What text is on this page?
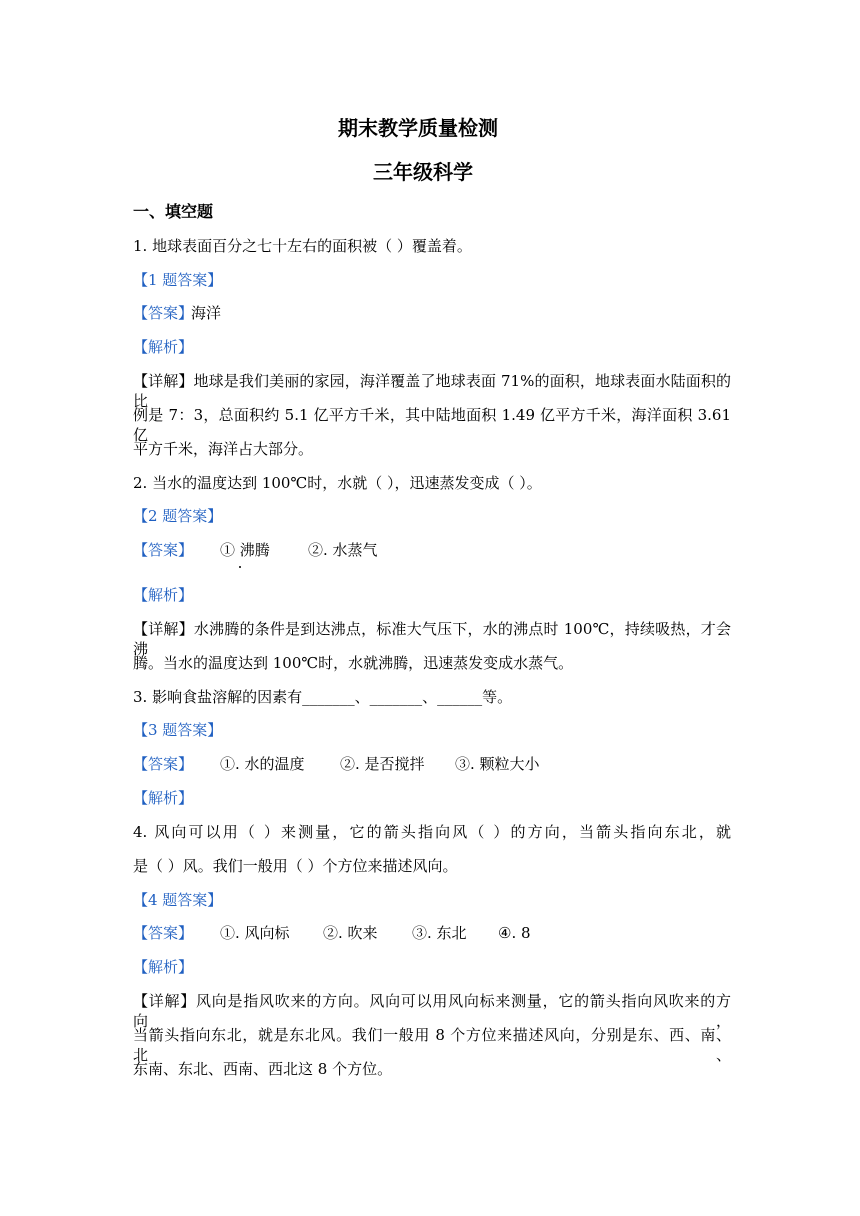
期末教学质量检测
三年级科学
一、填空题
1. 地球表面百分之七十左右的面积被（ ）覆盖着。
【1 题答案】
【答案】
海洋
【解析】
【详解】地球是我们美丽的家园，海洋覆盖了地球表面 71%的面积，地球表面水陆面积的比
例是 7：3，总面积约 5.1 亿平方千米，其中陆地面积 1.49 亿平方千米，海洋面积 3.61 亿
平方千米，海洋占大部分。
2. 当水的温度达到 100℃时，水就（ ），迅速蒸发变成（ ）。
【2 题答案】
【答案】 ① 沸腾	②. 水蒸气
【解析】
【详解】水沸腾的条件是到达沸点，标准大气压下，水的沸点时 100℃，持续吸热，才会沸
腾。当水的温度达到 100℃时，水就沸腾，迅速蒸发变成水蒸气。
3. 影响食盐溶解的因素有_______、_______、______等。
【3 题答案】
【答案】 ①. 水的温度 ②. 是否搅拌 ③. 颗粒大小
【解析】
4. 风向可以用（ ）来测量，它的箭头指向风（ ）的方向，当箭头指向东北，就
是（ ）风。我们一般用（ ）个方位来描述风向。
【4 题答案】
【答案】 ①. 风向标 ②. 吹来 ③. 东北 ④. 8
【解析】
【详解】风向是指风吹来的方向。风向可以用风向标来测量，它的箭头指向风吹来的方向，
当箭头指向东北，就是东北风。我们一般用 8 个方位来描述风向，分别是东、西、南、北、
东南、东北、西南、西北这 8 个方位。
